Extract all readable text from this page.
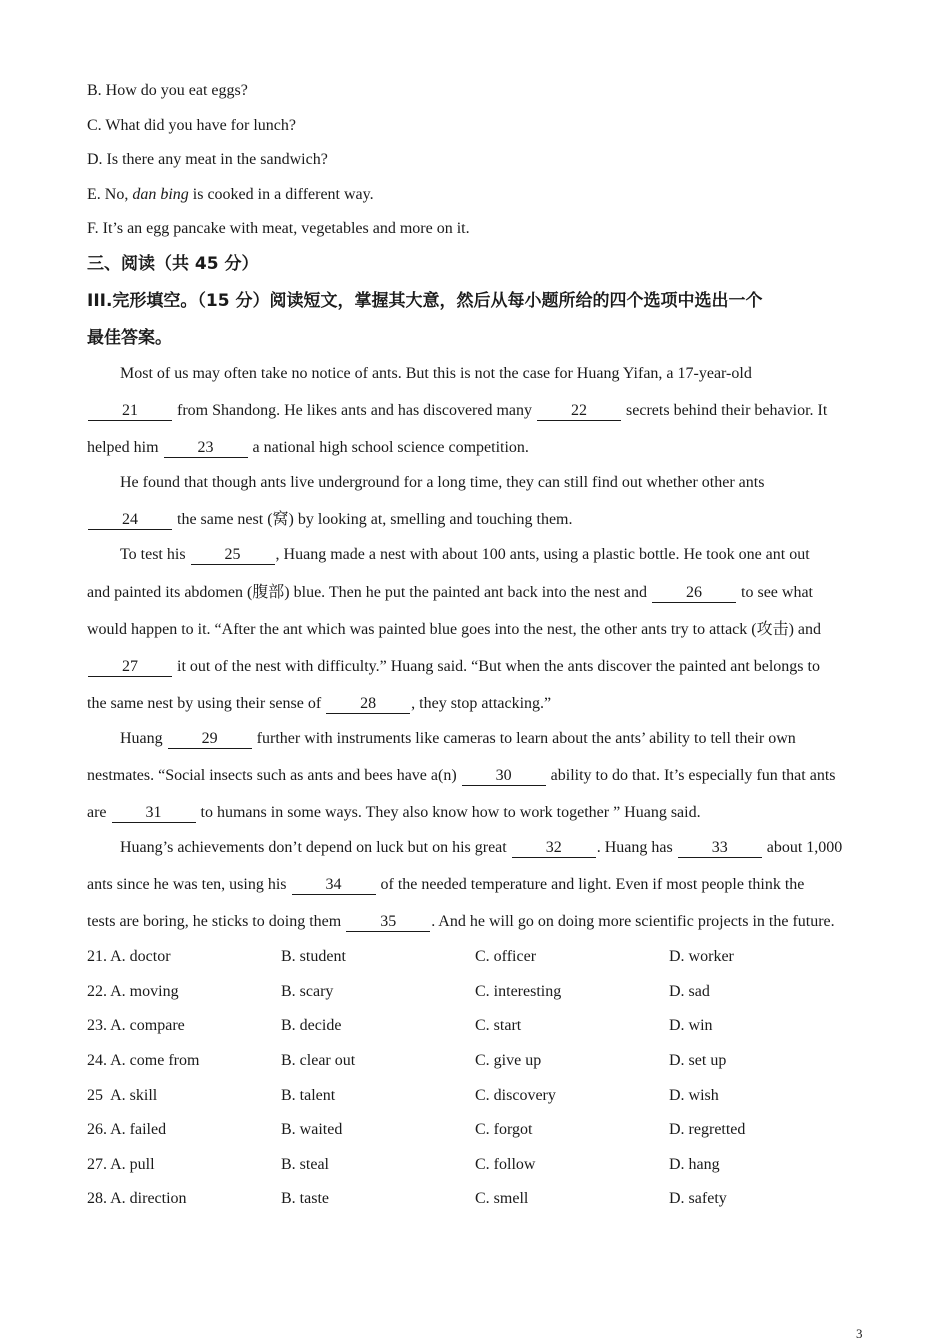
B. How do you eat eggs?
C. What did you have for lunch?
D. Is there any meat in the sandwich?
E. No, dan bing is cooked in a different way.
F. It’s an egg pancake with meat, vegetables and more on it.
三、阅读（共 45 分）
III.完形填空。（15 分）阅读短文，掌握其大意，然后从每小题所给的四个选项中选出一个
最佳答案。
Most of us may often take no notice of ants. But this is not the case for Huang Yifan, a 17-year-old
21 from Shandong. He likes ants and has discovered many 22 secrets behind their behavior. It
helped him 23 a national high school science competition.
He found that though ants live underground for a long time, they can still find out whether other ants
24 the same nest (窝) by looking at, smelling and touching them.
To test his 25 , Huang made a nest with about 100 ants, using a plastic bottle. He took one ant out
and painted its abdomen (腹部) blue. Then he put the painted ant back into the nest and 26 to see what
would happen to it. “After the ant which was painted blue goes into the nest, the other ants try to attack (攻击) and
27 it out of the nest with difficulty.” Huang said. “But when the ants discover the painted ant belongs to
the same nest by using their sense of 28 , they stop attacking.”
Huang 29 further with instruments like cameras to learn about the ants’ ability to tell their own
nestmates. “Social insects such as ants and bees have a(n) 30 ability to do that. It’s especially fun that ants
are 31 to humans in some ways. They also know how to work together ” Huang said.
Huang’s achievements don’t depend on luck but on his great 32 . Huang has 33 about 1,000
ants since he was ten, using his 34 of the needed temperature and light. Even if most people think the
tests are boring, he sticks to doing them 35 . And he will go on doing more scientific projects in the future.
21. A. doctor	B. student	C. officer	D. worker
22. A. moving	B. scary	C. interesting	D. sad
23. A. compare	B. decide	C. start	D. win
24. A. come from	B. clear out	C. give up	D. set up
25  A. skill	B. talent	C. discovery	D. wish
26. A. failed	B. waited	C. forgot	D. regretted
27. A. pull	B. steal	C. follow	D. hang
28. A. direction	B. taste	C. smell	D. safety
3
